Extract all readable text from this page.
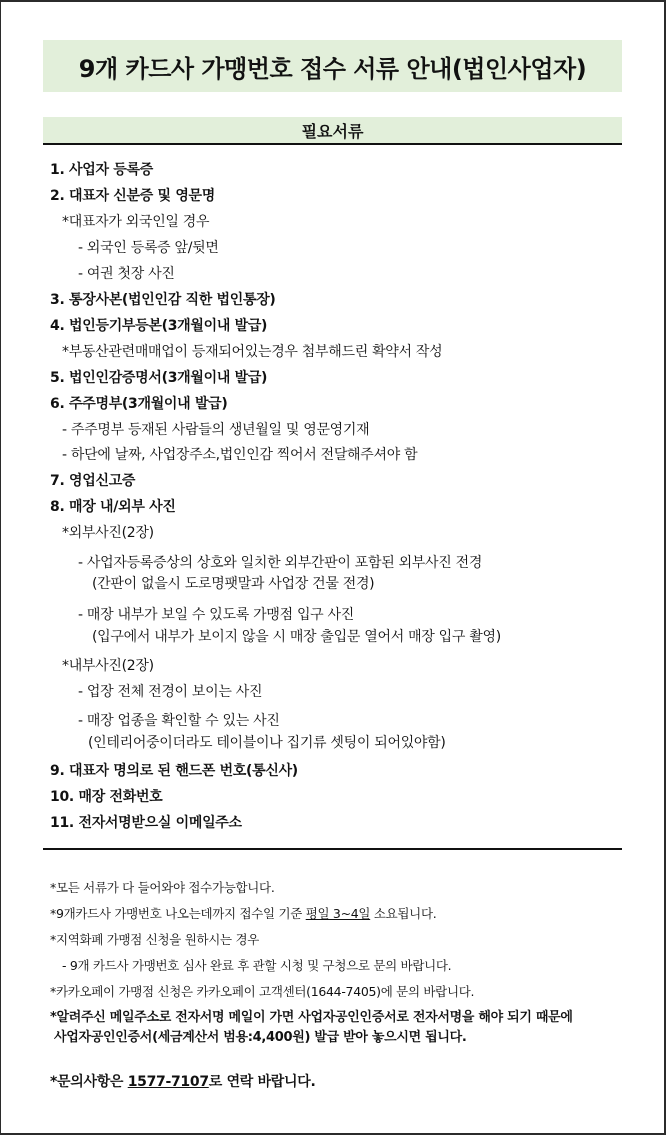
9개 카드사 가맹번호 접수 서류 안내(법인사업자)
필요서류
1. 사업자 등록증
2. 대표자 신분증 및 영문명
*대표자가 외국인일 경우
- 외국인 등록증 앞/뒷면
- 여권 첫장 사진
3. 통장사본(법인인감 직한 법인통장)
4. 법인등기부등본(3개월이내 발급)
*부동산관련매매업이 등재되어있는경우 첨부해드린 확약서 작성
5. 법인인감증명서(3개월이내 발급)
6. 주주명부(3개월이내 발급)
- 주주명부 등재된 사람들의 생년월일 및 영문영기재
- 하단에 날짜, 사업장주소,법인인감 찍어서 전달해주셔야 함
7. 영업신고증
8. 매장 내/외부 사진
*외부사진(2장)
- 사업자등록증상의 상호와 일치한 외부간판이 포함된 외부사진 전경
(간판이 없을시 도로명팻말과 사업장 건물 전경)
- 매장 내부가 보일 수 있도록 가맹점 입구 사진
(입구에서 내부가 보이지 않을 시 매장 출입문 열어서 매장 입구 촬영)
*내부사진(2장)
- 업장 전체 전경이 보이는 사진
- 매장 업종을 확인할 수 있는 사진
(인테리어중이더라도 테이블이나 집기류 셋팅이 되어있야함)
9. 대표자 명의로 된 핸드폰 번호(통신사)
10. 매장 전화번호
11. 전자서명받으실 이메일주소
*모든 서류가 다 들어와야 접수가능합니다.
*9개카드사 가맹번호 나오는데까지 접수일 기준 평일 3~4일 소요됩니다.
*지역화폐 가맹점 신청을 원하시는 경우
- 9개 카드사 가맹번호 심사 완료 후 관할 시청 및 구청으로 문의 바랍니다.
*카카오페이 가맹점 신청은 카카오페이 고객센터(1644-7405)에 문의 바랍니다.
*알려주신 메일주소로 전자서명 메일이 가면 사업자공인인증서로 전자서명을 해야 되기 때문에
사업자공인인증서(세금계산서 범용:4,400원) 발급 받아 놓으시면 됩니다.
*문의사항은 1577-7107로 연락 바랍니다.
